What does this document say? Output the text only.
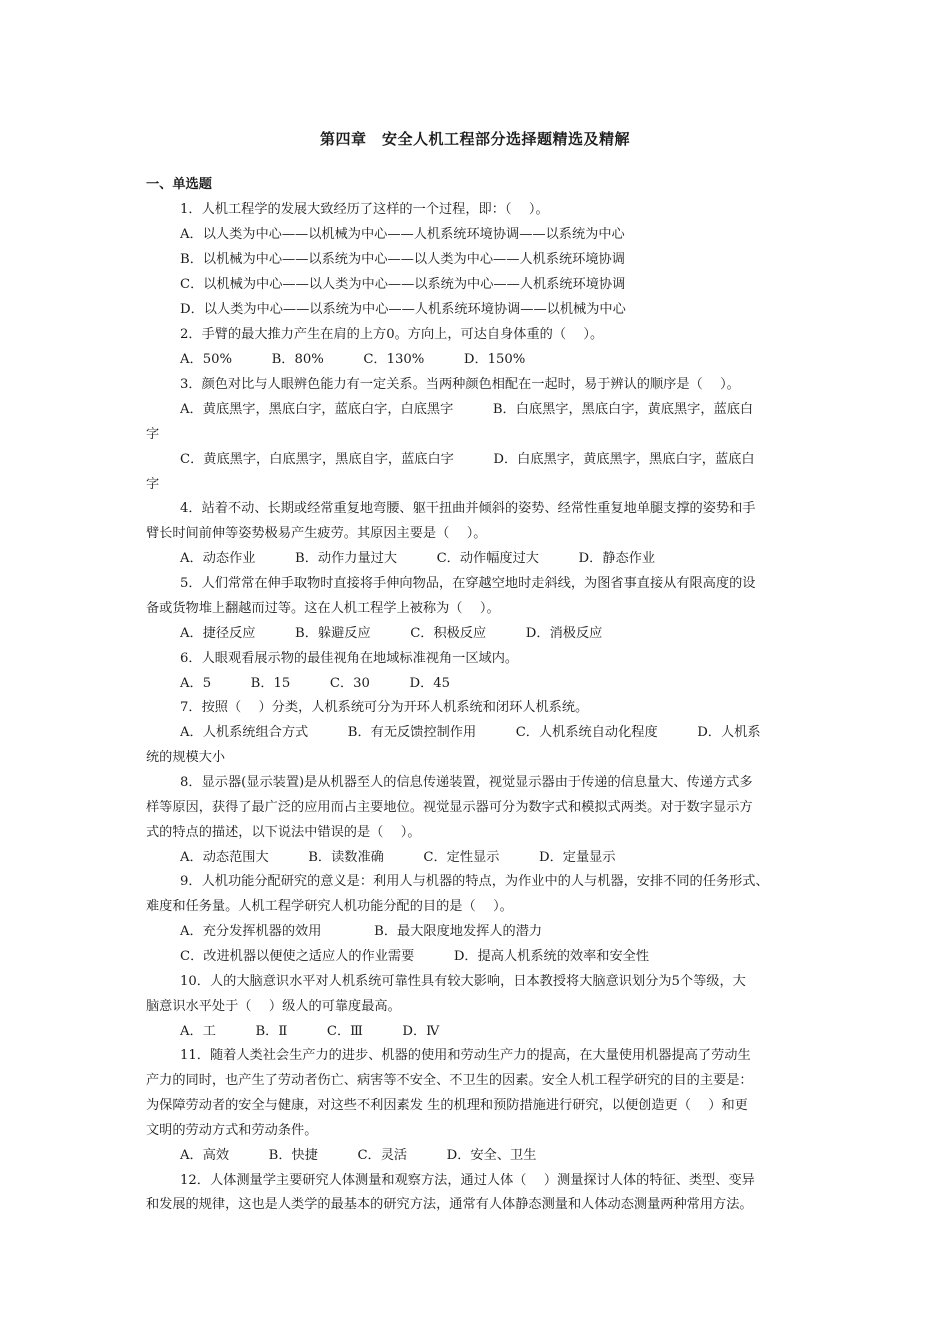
第四章　安全人机工程部分选择题精选及精解
一、单选题
1．人机工程学的发展大致经历了这样的一个过程，即：（　 ）。
A．以人类为中心——以机械为中心——人机系统环境协调——以系统为中心
B．以机械为中心——以系统为中心——以人类为中心——人机系统环境协调
C．以机械为中心——以人类为中心——以系统为中心——人机系统环境协调
D．以人类为中心——以系统为中心——人机系统环境协调——以机械为中心
2．手臂的最大推力产生在肩的上方0。方向上，可达自身体重的（　 ）。
A．50%　　　B．80%　　　C．130%　　　D．150%
3．颜色对比与人眼辨色能力有一定关系。当两种颜色相配在一起时，易于辨认的顺序是（　 ）。
A．黄底黑字，黑底白字，蓝底白字，白底黑字　　　B．白底黑字，黑底白字，黄底黑字，蓝底白
字
C．黄底黑字，白底黑字，黑底自字，蓝底白字　　　D．白底黑字，黄底黑字，黑底白字，蓝底白
字
4．站着不动、长期或经常重复地弯腰、躯干扭曲并倾斜的姿势、经常性重复地单腿支撑的姿势和手
臂长时间前伸等姿势极易产生疲劳。其原因主要是（　 ）。
A．动态作业　　　B．动作力量过大　　　C．动作幅度过大　　　D．静态作业
5．人们常常在伸手取物时直接将手伸向物品，在穿越空地时走斜线，为图省事直接从有限高度的设
备或货物堆上翻越而过等。这在人机工程学上被称为（　 ）。
A．捷径反应　　　B．躲避反应　　　C．积极反应　　　D．消极反应
6．人眼观看展示物的最佳视角在地域标准视角一区域内。
A．5　　　B．15　　　C．30　　　D．45
7．按照（　 ）分类，人机系统可分为开环人机系统和闭环人机系统。
A．人机系统组合方式　　　B．有无反馈控制作用　　　C．人机系统自动化程度　　　D．人机系
统的规模大小
8．显示器(显示装置)是从机器至人的信息传递装置，视觉显示器由于传递的信息量大、传递方式多
样等原因，获得了最广泛的应用而占主要地位。视觉显示器可分为数字式和模拟式两类。对于数字显示方
式的特点的描述，以下说法中错误的是（　 ）。
A．动态范围大　　　B．读数准确　　　C．定性显示　　　D．定量显示
9．人机功能分配研究的意义是：利用人与机器的特点，为作业中的人与机器，安排不同的任务形式、
难度和任务量。人机工程学研究人机功能分配的目的是（　 ）。
A．充分发挥机器的效用　　　　B．最大限度地发挥人的潜力
C．改进机器以便使之适应人的作业需要　　　D．提高人机系统的效率和安全性
10．人的大脑意识水平对人机系统可靠性具有较大影响，日本教授将大脑意识划分为5个等级，大
脑意识水平处于（　 ）级人的可靠度最高。
A．工　　　B．Ⅱ　　　C．Ⅲ　　　D．Ⅳ
11．随着人类社会生产力的进步、机器的使用和劳动生产力的提高，在大量使用机器提高了劳动生
产力的同时，也产生了劳动者伤亡、病害等不安全、不卫生的因素。安全人机工程学研究的目的主要是：
为保障劳动者的安全与健康，对这些不利因素发 生的机理和预防措施进行研究，以便创造更（　 ）和更
文明的劳动方式和劳动条件。
A．高效　　　B．快捷　　　C．灵活　　　D．安全、卫生
12．人体测量学主要研究人体测量和观察方法，通过人体（　 ）测量探讨人体的特征、类型、变异
和发展的规律，这也是人类学的最基本的研究方法，通常有人体静态测量和人体动态测量两种常用方法。
